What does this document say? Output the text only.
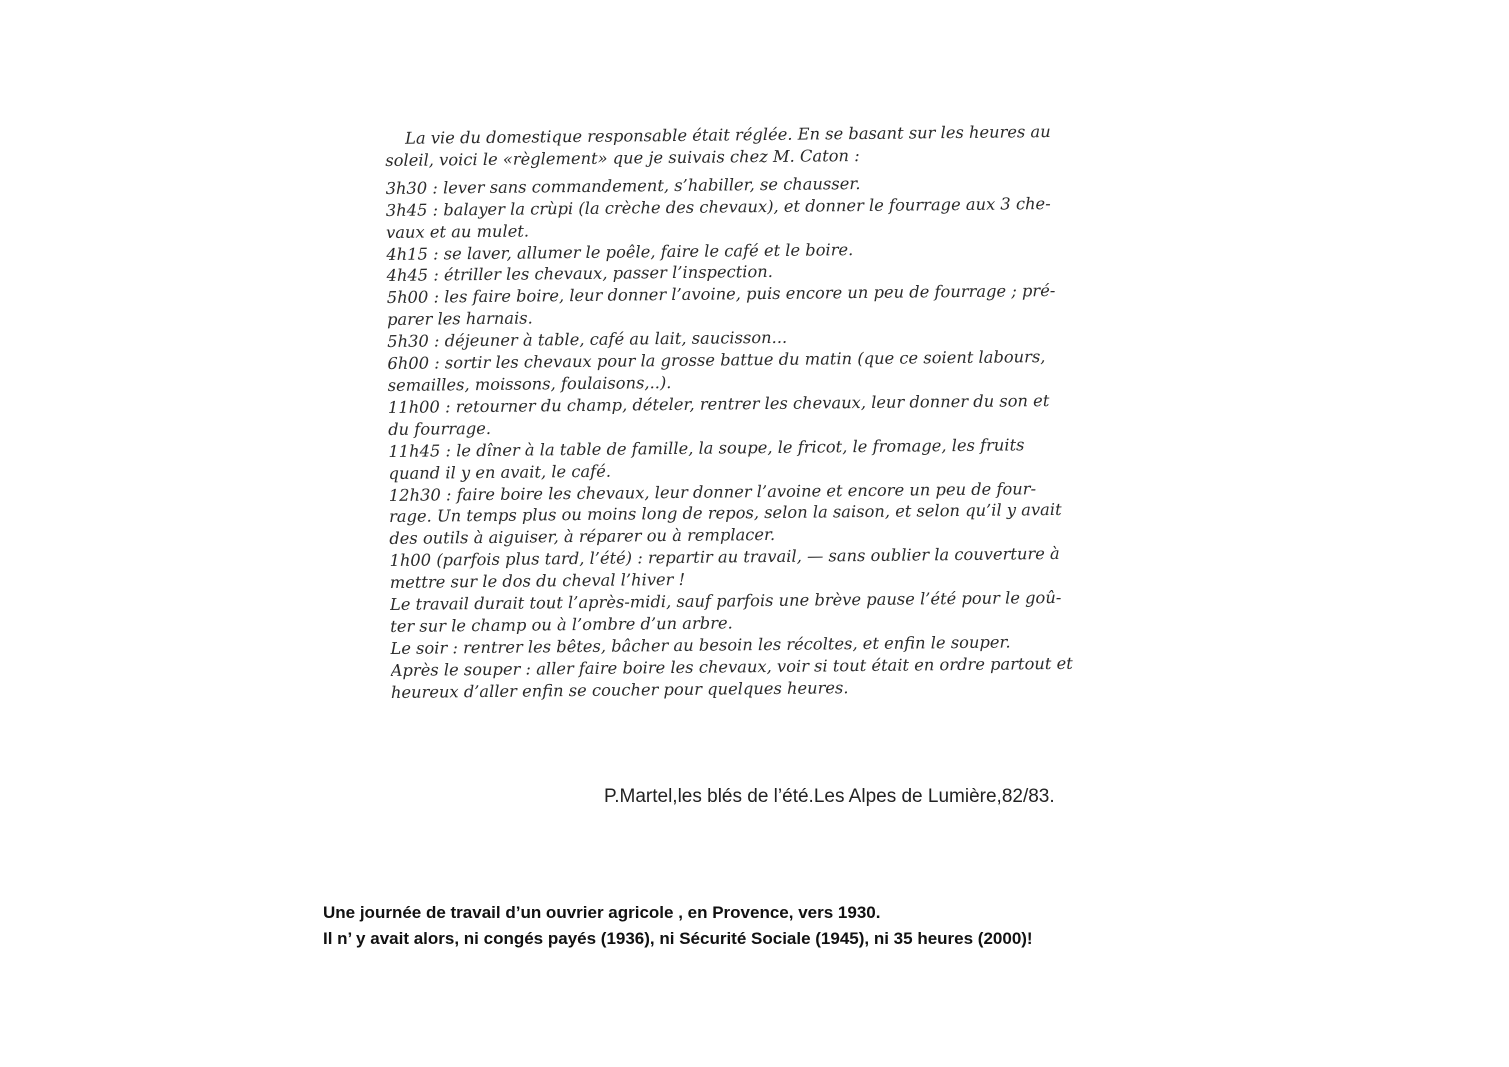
La vie du domestique responsable était réglée. En se basant sur les heures au
soleil, voici le «règlement» que je suivais chez M. Caton :

3h30 : lever sans commandement, s’habiller, se chausser.
3h45 : balayer la crùpi (la crèche des chevaux), et donner le fourrage aux 3 che-
vaux et au mulet.
4h15 : se laver, allumer le poêle, faire le café et le boire.
4h45 : étriller les chevaux, passer l’inspection.
5h00 : les faire boire, leur donner l’avoine, puis encore un peu de fourrage ; pré-
parer les harnais.
5h30 : déjeuner à table, café au lait, saucisson...
6h00 : sortir les chevaux pour la grosse battue du matin (que ce soient labours,
semailles, moissons, foulaisons,..).
11h00 : retourner du champ, dételer, rentrer les chevaux, leur donner du son et
du fourrage.
11h45 : le dîner à la table de famille, la soupe, le fricot, le fromage, les fruits
quand il y en avait, le café.
12h30 : faire boire les chevaux, leur donner l’avoine et encore un peu de four-
rage. Un temps plus ou moins long de repos, selon la saison, et selon qu’il y avait
des outils à aiguiser, à réparer ou à remplacer.
1h00 (parfois plus tard, l’été) : repartir au travail, — sans oublier la couverture à
mettre sur le dos du cheval l’hiver !
Le travail durait tout l’après-midi, sauf parfois une brève pause l’été pour le goû-
ter sur le champ ou à l’ombre d’un arbre.
Le soir : rentrer les bêtes, bâcher au besoin les récoltes, et enfin le souper.
Après le souper : aller faire boire les chevaux, voir si tout était en ordre partout et
heureux d’aller enfin se coucher pour quelques heures.
P.Martel,les blés de l’été.Les Alpes de Lumière,82/83.
Une journée de travail d’un ouvrier agricole , en Provence, vers 1930.
Il n’ y avait alors, ni congés payés (1936), ni Sécurité Sociale (1945), ni 35 heures (2000)!
